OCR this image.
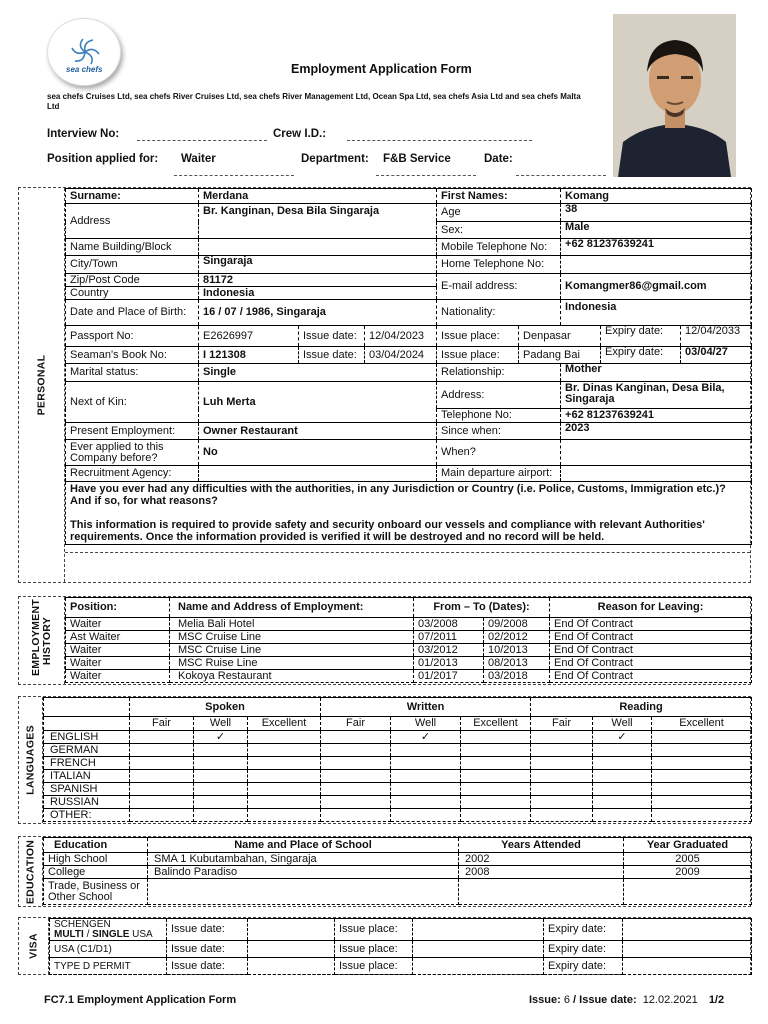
sea chefs	Employment Application Form
sea chefs Cruises Ltd, sea chefs River Cruises Ltd, sea chefs River Management Ltd, Ocean Spa Ltd, sea chefs Asia Ltd and sea chefs Malta Ltd
Interview No:	Crew I.D.:
Position applied for: Waiter	Department: F&B Service	Date:
PERSONAL
Surname:	Merdana			First Names:		Komang		
Address	Br. Kanginan, Desa Bila Singaraja			Age		38		
				Sex:		Male		
Name Building/Block				Mobile Telephone No:		+62 81237639241		
City/Town	Singaraja			Home Telephone No:				
Zip/Post Code	81172			E-mail address:		Komangmer86@gmail.com		
Country	Indonesia							
Date and Place of Birth:	16 / 07 / 1986, Singaraja			Nationality:		Indonesia		
Passport No:	E2626997	Issue date:	12/04/2023	Issue place:	Denpasar		Expiry date:	12/04/2033
Seaman's Book No:	I 121308	Issue date:	03/04/2024	Issue place:	Padang Bai		Expiry date:	03/04/27
Marital status:	Single			Relationship:		Mother		
Next of Kin:	Luh Merta			Address:		Br. Dinas Kanginan, Desa Bila, Singaraja		
				Telephone No:		+62 81237639241		
Present Employment:	Owner Restaurant			Since when:		2023		
Ever applied to this Company before?	No			When?				
Recruitment Agency:				Main departure airport:				

Have you ever had any difficulties with the authorities, in any Jurisdiction or Country (i.e. Police, Customs, Immigration etc.)? And if so, for what reasons?
This information is required to provide safety and security onboard our vessels and compliance with relevant Authorities' requirements. Once the information provided is verified it will be destroyed and no record will be held.								
EMPLOYMENT HISTORY
Position:	Name and Address of Employment:	From – To (Dates):		Reason for Leaving:
Waiter	Melia Bali Hotel	03/2008	09/2008	End Of Contract
Ast Waiter	MSC Cruise Line	07/2011	02/2012	End Of Contract
Waiter	MSC Cruise Line	03/2012	10/2013	End Of Contract
Waiter	MSC Ruise Line	01/2013	08/2013	End Of Contract
Waiter	Kokoya Restaurant	01/2017	03/2018	End Of Contract
LANGUAGES
	Spoken			Written			Reading		
	Fair	Well	Excellent	Fair	Well	Excellent	Fair	Well	Excellent
ENGLISH		✓			✓			✓	
GERMAN									
FRENCH									
ITALIAN									
SPANISH									
RUSSIAN									
OTHER:									
EDUCATION Education	Name and Place of School	Years Attended	Year Graduated
High School	SMA 1 Kubutambahan, Singaraja	2002	2005
College	Balindo Paradiso	2008	2009
Trade, Business or Other School			
VISA
SCHENGEN
MULTI / SINGLE USA	Issue date:		Issue place:		Expiry date:	
USA (C1/D1)	Issue date:		Issue place:		Expiry date:	
TYPE D PERMIT	Issue date:		Issue place:		Expiry date:	
FC7.1 Employment Application Form	Issue: 6 / Issue date: 12.02.2021 1/2
